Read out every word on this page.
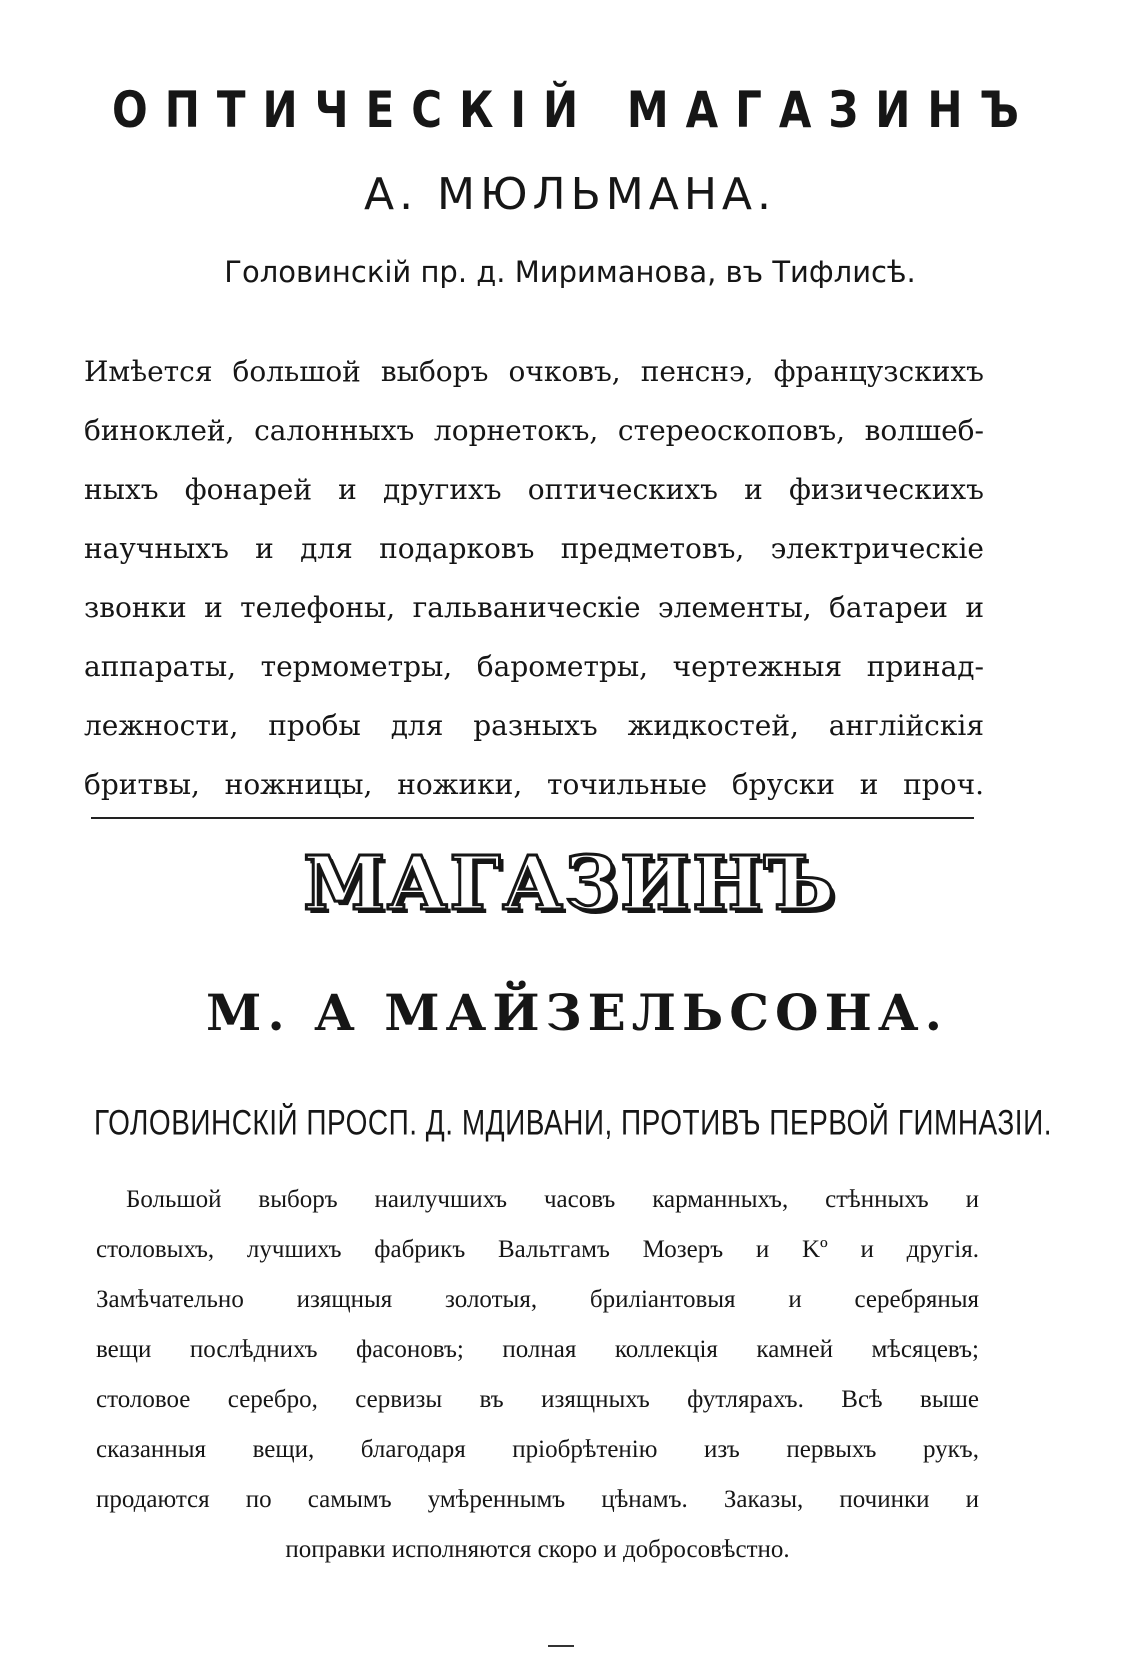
ОПТИЧЕСКІЙ МАГАЗИНЪ
А. МЮЛЬМАНА.
Головинскій пр. д. Мириманова, въ Тифлисѣ.
Имѣется большой выборъ очковъ, пенснэ, французскихъ
биноклей, салонныхъ лорнетокъ, стереоскоповъ, волшеб-
ныхъ фонарей и другихъ оптическихъ и физическихъ
научныхъ и для подарковъ предметовъ, электрическіе
звонки и телефоны, гальваническіе элементы, батареи и
аппараты, термометры, барометры, чертежныя принад-
лежности, пробы для разныхъ жидкостей, англійскія
бритвы, ножницы, ножики, точильные бруски и проч.
МАГАЗИНЪ
М. А МАЙЗЕЛЬСОНА.
ГОЛОВИНСКІЙ ПРОСП. Д. МДИВАНИ, ПРОТИВЪ ПЕРВОЙ ГИМНАЗІИ.
Большой выборъ наилучшихъ часовъ карманныхъ, стѣнныхъ и
столовыхъ, лучшихъ фабрикъ Вальтгамъ Мозеръ и Kº и другія.
Замѣчательно изящныя золотыя, бриліантовыя и серебряныя
вещи послѣднихъ фасоновъ; полная коллекція камней мѣсяцевъ;
столовое серебро, сервизы въ изящныхъ футлярахъ. Всѣ выше
сказанныя вещи, благодаря пріобрѣтенію изъ первыхъ рукъ,
продаются по самымъ умѣреннымъ цѣнамъ. Заказы, починки и
поправки исполняются скоро и добросовѣстно.
